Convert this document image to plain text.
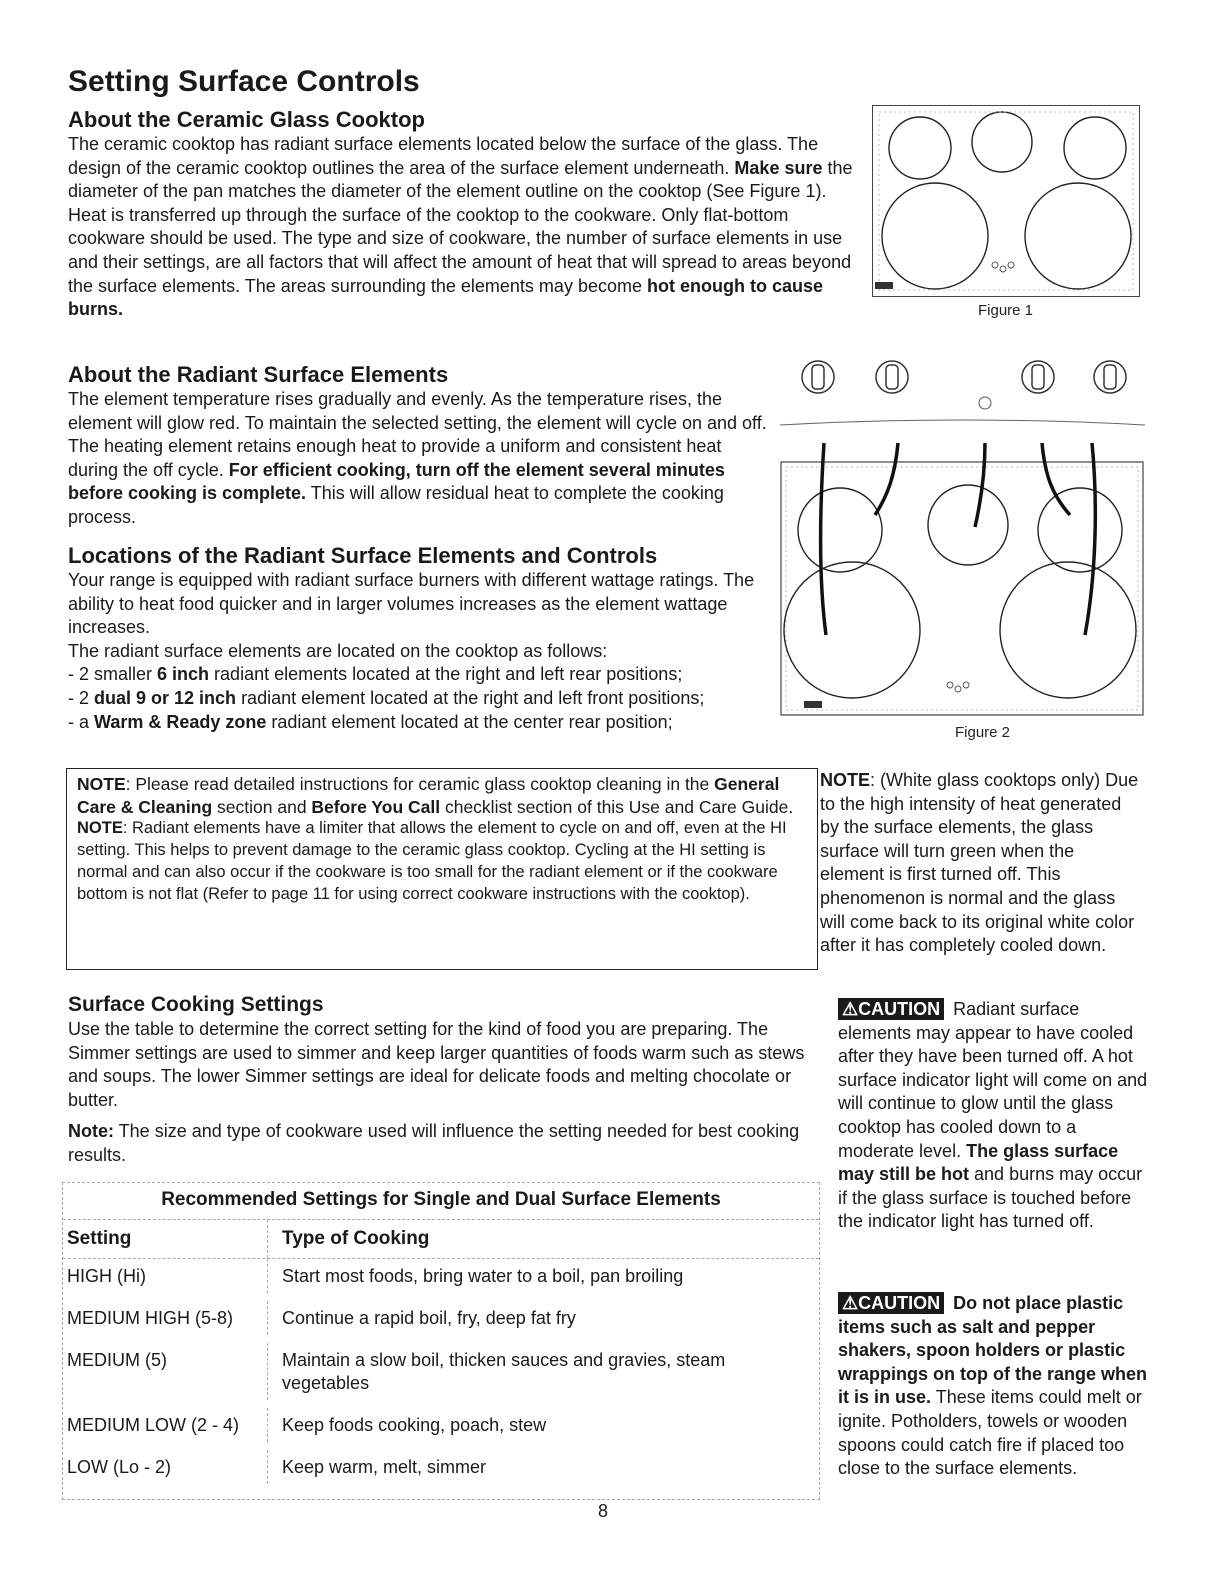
Setting Surface Controls
About the Ceramic Glass Cooktop

The ceramic cooktop has radiant surface elements located below the surface of the glass. The design of the ceramic cooktop outlines the area of the surface element underneath. Make sure the diameter of the pan matches the diameter of the element outline on the cooktop (See Figure 1).

Heat is transferred up through the surface of the cooktop to the cookware. Only flat-bottom cookware should be used. The type and size of cookware, the number of surface elements in use and their settings, are all factors that will affect the amount of heat that will spread to areas beyond the surface elements. The areas surrounding the elements may become hot enough to cause burns.	Figure 1
About the Radiant Surface Elements

The element temperature rises gradually and evenly. As the temperature rises, the element will glow red. To maintain the selected setting, the element will cycle on and off. The heating element retains enough heat to provide a uniform and consistent heat during the off cycle. For efficient cooking, turn off the element several minutes before cooking is complete. This will allow residual heat to complete the cooking process.

Figure 2
Locations of the Radiant Surface Elements and Controls

Your range is equipped with radiant surface burners with different wattage ratings. The ability to heat food quicker and in larger volumes increases as the element wattage increases.

The radiant surface elements are located on the cooktop as follows:

- 2 smaller 6 inch radiant elements located at the right and left rear positions;
- 2 dual 9 or 12 inch radiant element located at the right and left front positions;
- a Warm & Ready zone radiant element located at the center rear position;

NOTE: Please read detailed instructions for ceramic glass cooktop cleaning in the General Care & Cleaning section and Before You Call checklist section of this Use and Care Guide.

NOTE: Radiant elements have a limiter that allows the element to cycle on and off, even at the HI setting. This helps to prevent damage to the ceramic glass cooktop. Cycling at the HI setting is normal and can also occur if the cookware is too small for the radiant element or if the cookware bottom is not flat (Refer to page 11 for using correct cookware instructions with the cooktop).

NOTE: (White glass cooktops only) Due to the high intensity of heat generated by the surface elements, the glass surface will turn green when the element is first turned off. This phenomenon is normal and the glass will come back to its original white color after it has completely cooled down.

Surface Cooking Settings

Use the table to determine the correct setting for the kind of food you are preparing. The Simmer settings are used to simmer and keep larger quantities of foods warm such as stews and soups. The lower Simmer settings are ideal for delicate foods and melting chocolate or butter.

Note: The size and type of cookware used will influence the setting needed for best cooking results.

Recommended Settings for Single and Dual Surface Elements
Setting	Type of Cooking
HIGH (Hi)	Start most foods, bring water to a boil, pan broiling
MEDIUM HIGH (5-8)	Continue a rapid boil, fry, deep fat fry
MEDIUM (5)	Maintain a slow boil, thicken sauces and gravies, steam vegetables
MEDIUM LOW (2 - 4)	Keep foods cooking, poach, stew
LOW (Lo - 2)	Keep warm, melt, simmer

⚠CAUTION Radiant surface elements may appear to have cooled after they have been turned off. A hot surface indicator light will come on and will continue to glow until the glass cooktop has cooled down to a moderate level. The glass surface may still be hot and burns may occur if the glass surface is touched before the indicator light has turned off.

⚠CAUTION Do not place plastic items such as salt and pepper shakers, spoon holders or plastic wrappings on top of the range when it is in use. These items could melt or ignite. Potholders, towels or wooden spoons could catch fire if placed too close to the surface elements.

8
